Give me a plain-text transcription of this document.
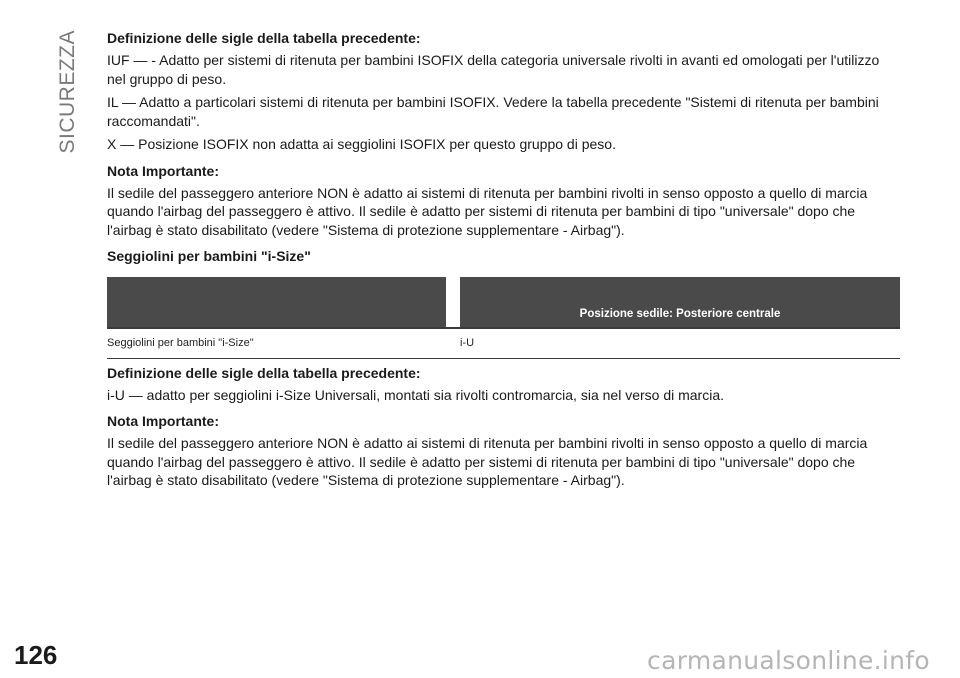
SICUREZZA Definizione delle sigle della tabella precedente:

IUF — - Adatto per sistemi di ritenuta per bambini ISOFIX della categoria universale rivolti in avanti ed omologati per l'utilizzo nel gruppo di peso.

IL — Adatto a particolari sistemi di ritenuta per bambini ISOFIX. Vedere la tabella precedente "Sistemi di ritenuta per bambini raccomandati".

X — Posizione ISOFIX non adatta ai seggiolini ISOFIX per questo gruppo di peso.

Nota Importante:

Il sedile del passeggero anteriore NON è adatto ai sistemi di ritenuta per bambini rivolti in senso opposto a quello di marcia quando l'airbag del passeggero è attivo. Il sedile è adatto per sistemi di ritenuta per bambini di tipo "universale" dopo che l'airbag è stato disabilitato (vedere "Sistema di protezione supplementare - Airbag").

Seggiolini per bambini "i-Size"
		Posizione sedile: Posteriore centrale
Seggiolini per bambini "i-Size"		i-U
Definizione delle sigle della tabella precedente:

i-U — adatto per seggiolini i-Size Universali, montati sia rivolti contromarcia, sia nel verso di marcia.

Nota Importante:

Il sedile del passeggero anteriore NON è adatto ai sistemi di ritenuta per bambini rivolti in senso opposto a quello di marcia quando l'airbag del passeggero è attivo. Il sedile è adatto per sistemi di ritenuta per bambini di tipo "universale" dopo che l'airbag è stato disabilitato (vedere "Sistema di protezione supplementare - Airbag").

126	carmanualsonline.info
